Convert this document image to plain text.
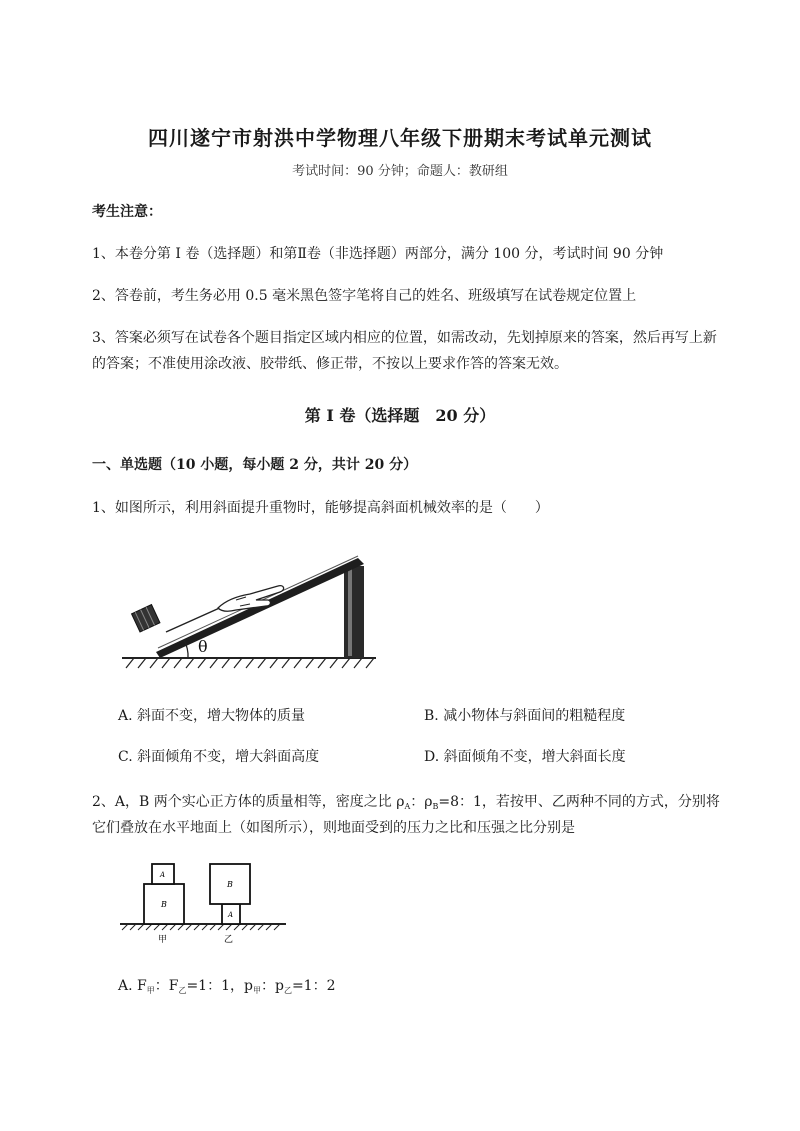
四川遂宁市射洪中学物理八年级下册期末考试单元测试
考试时间：90 分钟；命题人：教研组
考生注意：
1、本卷分第 I 卷（选择题）和第Ⅱ卷（非选择题）两部分，满分 100 分，考试时间 90 分钟
2、答卷前，考生务必用 0.5 毫米黑色签字笔将自己的姓名、班级填写在试卷规定位置上
3、答案必须写在试卷各个题目指定区域内相应的位置，如需改动，先划掉原来的答案，然后再写上新
的答案；不准使用涂改液、胶带纸、修正带，不按以上要求作答的答案无效。
第 I 卷（选择题　20 分）
一、单选题（10 小题，每小题 2 分，共计 20 分）
1、如图所示，利用斜面提升重物时，能够提高斜面机械效率的是（　　）
θ
A. 斜面不变，增大物体的质量	B. 减小物体与斜面间的粗糙程度
C. 斜面倾角不变，增大斜面高度	D. 斜面倾角不变，增大斜面长度
2、A，B 两个实心正方体的质量相等，密度之比 $\rho_A$：$\rho_B=8$：1，若按甲、乙两种不同的方式，分别将
它们叠放在水平地面上（如图所示），则地面受到的压力之比和压强之比分别是
B
A
B
A
甲	乙
A. $F_甲$：$F_乙=1$：1，$p_甲$：$p_乙=1$：2
